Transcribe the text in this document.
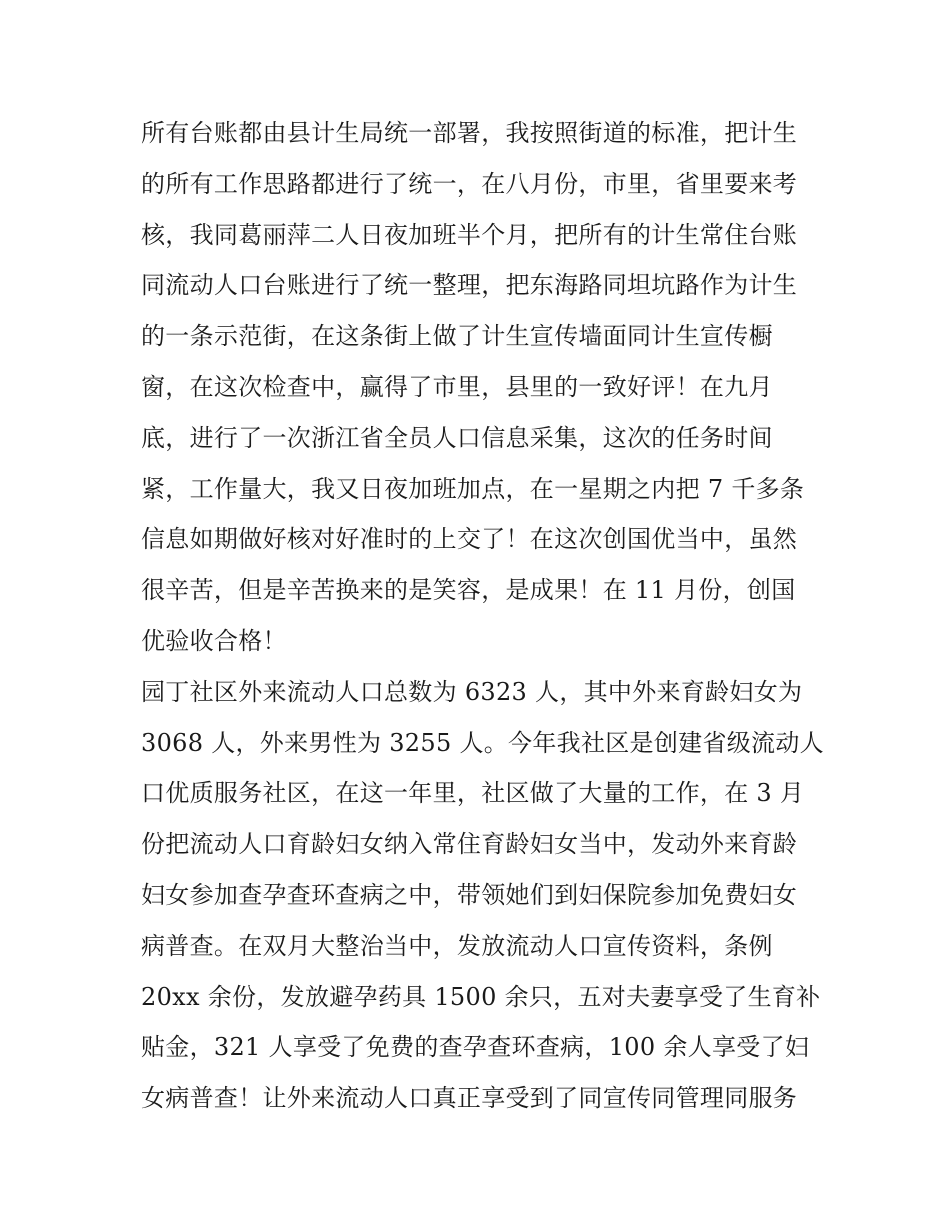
所有台账都由县计生局统一部署，我按照街道的标准，把计生
的所有工作思路都进行了统一，在八月份，市里，省里要来考
核，我同葛丽萍二人日夜加班半个月，把所有的计生常住台账
同流动人口台账进行了统一整理，把东海路同坦坑路作为计生
的一条示范街，在这条街上做了计生宣传墙面同计生宣传橱
窗，在这次检查中，赢得了市里，县里的一致好评！在九月
底，进行了一次浙江省全员人口信息采集，这次的任务时间
紧，工作量大，我又日夜加班加点，在一星期之内把 7 千多条
信息如期做好核对好准时的上交了！在这次创国优当中，虽然
很辛苦，但是辛苦换来的是笑容，是成果！在 11 月份，创国
优验收合格！
园丁社区外来流动人口总数为 6323 人，其中外来育龄妇女为
3068 人，外来男性为 3255 人。今年我社区是创建省级流动人
口优质服务社区，在这一年里，社区做了大量的工作，在 3 月
份把流动人口育龄妇女纳入常住育龄妇女当中，发动外来育龄
妇女参加查孕查环查病之中，带领她们到妇保院参加免费妇女
病普查。在双月大整治当中，发放流动人口宣传资料，条例
20xx 余份，发放避孕药具 1500 余只，五对夫妻享受了生育补
贴金，321 人享受了免费的查孕查环查病，100 余人享受了妇
女病普查！让外来流动人口真正享受到了同宣传同管理同服务
